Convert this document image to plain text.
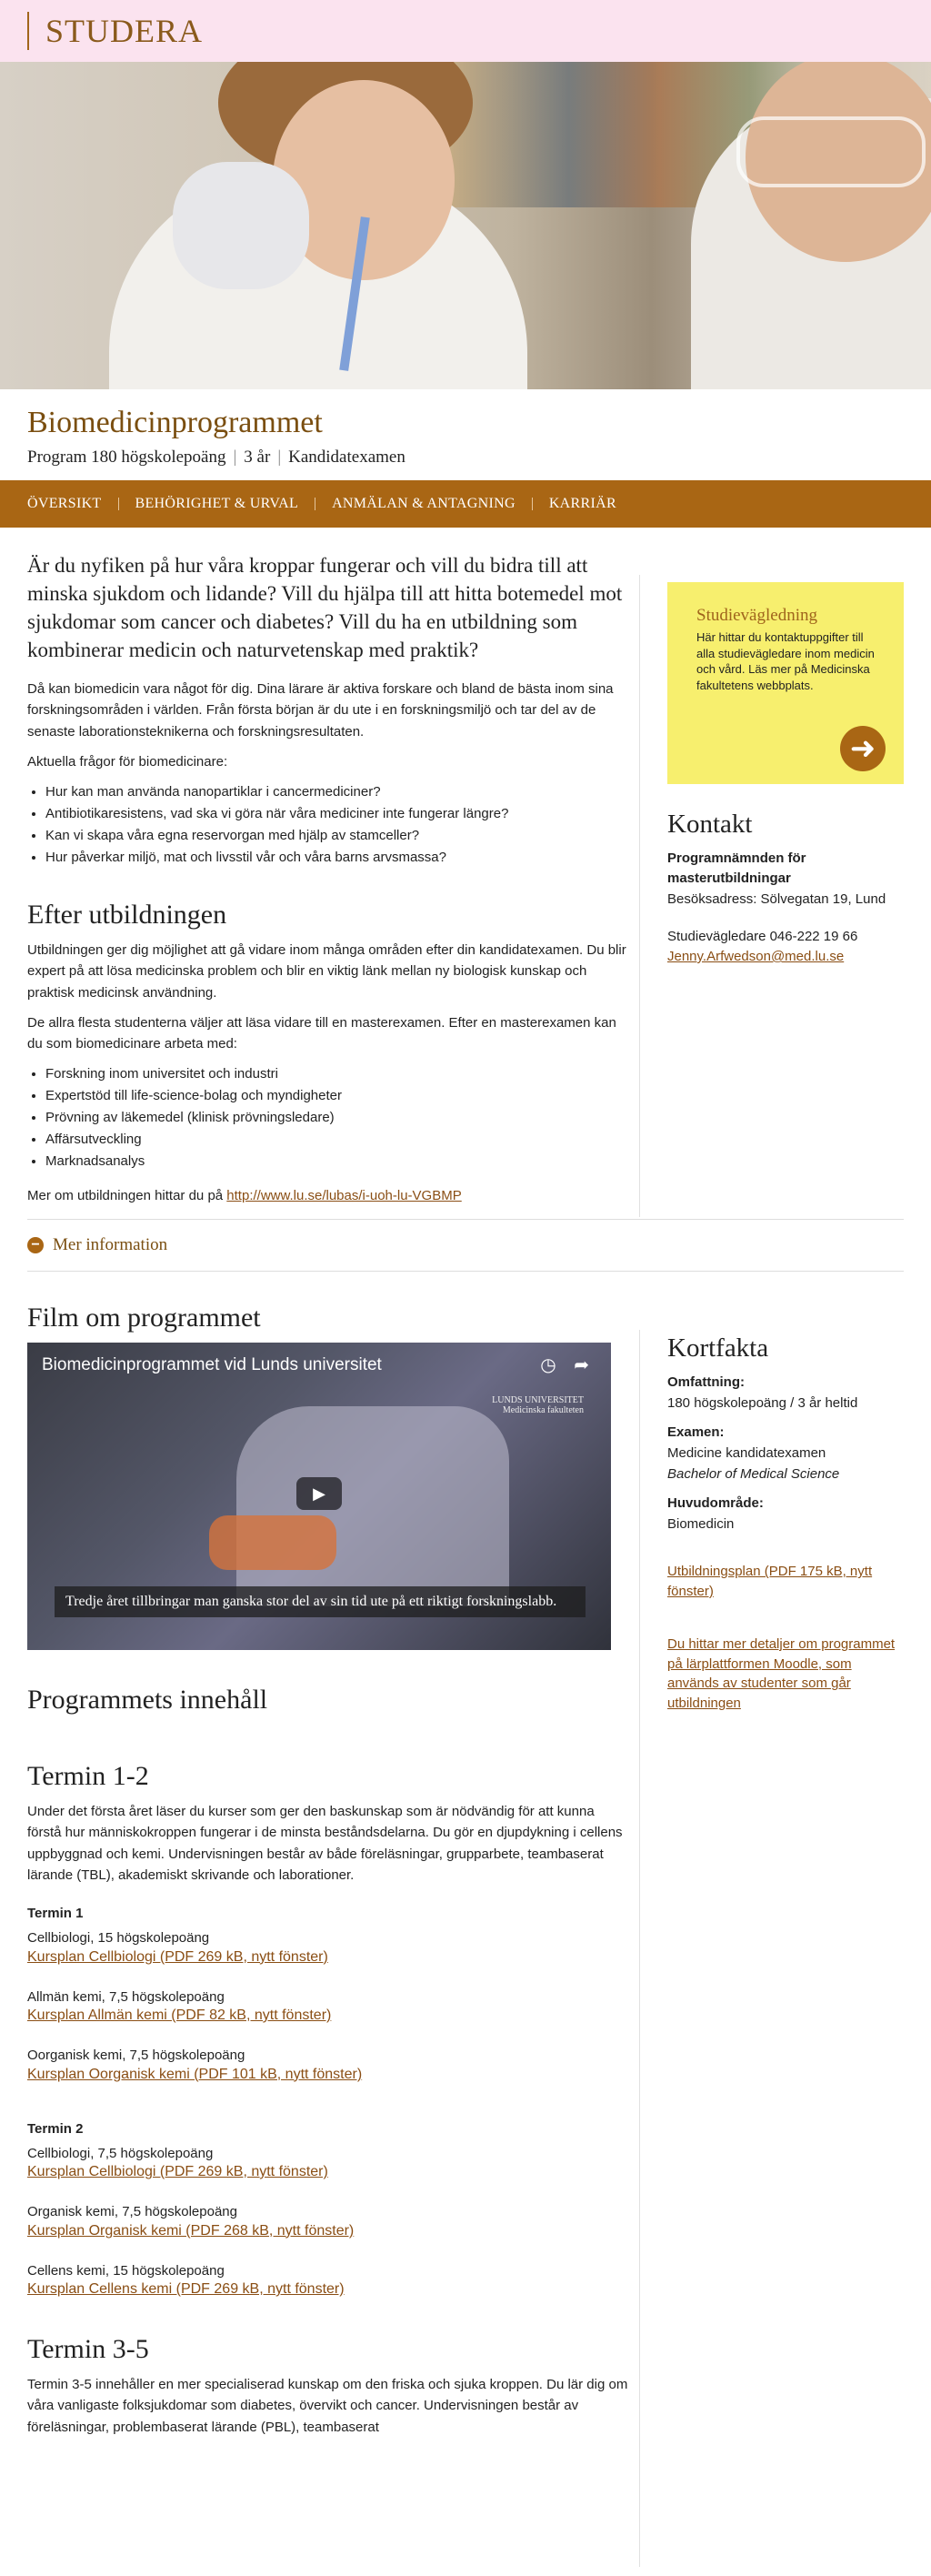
STUDERA
Biomedicinprogrammet
Program 180 högskolepoäng | 3 år | Kandidatexamen
ÖVERSIKT BEHÖRIGHET & URVAL ANMÄLAN & ANTAGNING KARRIÄR
Är du nyfiken på hur våra kroppar fungerar och vill du bidra till att minska sjukdom och lidande? Vill du hjälpa till att hitta botemedel mot sjukdomar som cancer och diabetes? Vill du ha en utbildning som kombinerar medicin och naturvetenskap med praktik?

Då kan biomedicin vara något för dig. Dina lärare är aktiva forskare och bland de bästa inom sina forskningsområden i världen. Från första början är du ute i en forskningsmiljö och tar del av de senaste laborationsteknikerna och forskningsresultaten.

Aktuella frågor för biomedicinare:

• Hur kan man använda nanopartiklar i cancermediciner?
• Antibiotikaresistens, vad ska vi göra när våra mediciner inte fungerar längre?
• Kan vi skapa våra egna reservorgan med hjälp av stamceller?
• Hur påverkar miljö, mat och livsstil vår och våra barns arvsmassa?
Efter utbildningen

Utbildningen ger dig möjlighet att gå vidare inom många områden efter din kandidatexamen. Du blir expert på att lösa medicinska problem och blir en viktig länk mellan ny biologisk kunskap och praktisk medicinsk användning.

De allra flesta studenterna väljer att läsa vidare till en masterexamen. Efter en masterexamen kan du som biomedicinare arbeta med:

• Forskning inom universitet och industri
• Expertstöd till life-science-bolag och myndigheter
• Prövning av läkemedel (klinisk prövningsledare)
• Affärsutveckling
• Marknadsanalys

Mer om utbildningen hittar du på http://www.lu.se/lubas/i-uoh-lu-VGBMP

Studievägledning

Här hittar du kontaktuppgifter till alla studievägledare inom medicin och vård. Läs mer på Medicinska fakultetens webbplats.

➜
Kontakt
Programnämnden för masterutbildningar
Besöksadress: Sölvegatan 19, Lund
Studievägledare 046-222 19 66
Jenny.Arfwedson@med.lu.se
− Mer information
Film om programmet
Biomedicinprogrammet vid Lunds universitet	◷ ➦
LUNDS UNIVERSITET
Medicinska fakulteten
▶
Tredje året tillbringar man ganska stor del av sin tid ute på ett riktigt forskningslabb.
Programmets innehåll
Termin 1-2

Under det första året läser du kurser som ger den baskunskap som är nödvändig för att kunna förstå hur människokroppen fungerar i de minsta beståndsdelarna. Du gör en djupdykning i cellens uppbyggnad och kemi. Undervisningen består av både föreläsningar, grupparbete, teambaserat lärande (TBL), akademiskt skrivande och laborationer.

Termin 1
Cellbiologi, 15 högskolepoäng
Kursplan Cellbiologi (PDF 269 kB, nytt fönster)
Allmän kemi, 7,5 högskolepoäng
Kursplan Allmän kemi (PDF 82 kB, nytt fönster)
Oorganisk kemi, 7,5 högskolepoäng
Kursplan Oorganisk kemi (PDF 101 kB, nytt fönster)
Termin 2
Cellbiologi, 7,5 högskolepoäng
Kursplan Cellbiologi (PDF 269 kB, nytt fönster)
Organisk kemi, 7,5 högskolepoäng
Kursplan Organisk kemi (PDF 268 kB, nytt fönster)
Cellens kemi, 15 högskolepoäng
Kursplan Cellens kemi (PDF 269 kB, nytt fönster)
Termin 3-5

Termin 3-5 innehåller en mer specialiserad kunskap om den friska och sjuka kroppen. Du lär dig om våra vanligaste folksjukdomar som diabetes, övervikt och cancer. Undervisningen består av föreläsningar, problembaserat lärande (PBL), teambaserat

Kortfakta
Omfattning:
180 högskolepoäng / 3 år heltid
Examen:
Medicine kandidatexamen
Bachelor of Medical Science
Huvudområde:
Biomedicin
Utbildningsplan (PDF 175 kB, nytt fönster)
Du hittar mer detaljer om programmet på lärplattformen Moodle, som används av studenter som går utbildningen
